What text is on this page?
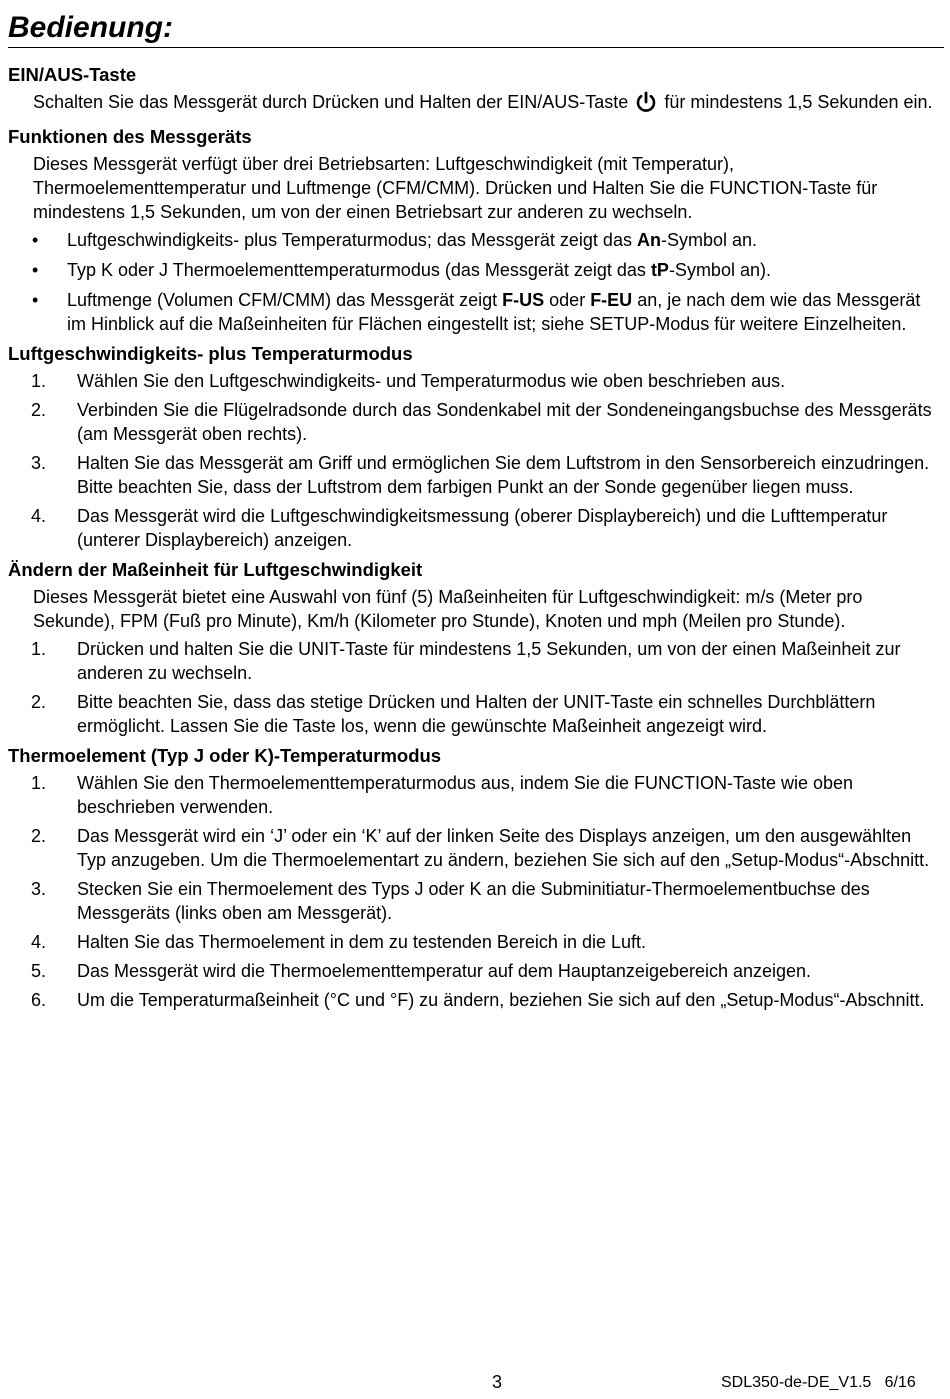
Bedienung:
EIN/AUS-Taste

Schalten Sie das Messgerät durch Drücken und Halten der EIN/AUS-Taste für mindestens 1,5 Sekunden ein.

Funktionen des Messgeräts

Dieses Messgerät verfügt über drei Betriebsarten: Luftgeschwindigkeit (mit Temperatur), Thermoelementtemperatur und Luftmenge (CFM/CMM). Drücken und Halten Sie die FUNCTION-Taste für mindestens 1,5 Sekunden, um von der einen Betriebsart zur anderen zu wechseln.

• Luftgeschwindigkeits- plus Temperaturmodus; das Messgerät zeigt das An-Symbol an.
• Typ K oder J Thermoelementtemperaturmodus (das Messgerät zeigt das tP-Symbol an).
• Luftmenge (Volumen CFM/CMM) das Messgerät zeigt F-US oder F-EU an, je nach dem wie das Messgerät im Hinblick auf die Maßeinheiten für Flächen eingestellt ist; siehe SETUP-Modus für weitere Einzelheiten.
Luftgeschwindigkeits- plus Temperaturmodus
1. Wählen Sie den Luftgeschwindigkeits- und Temperaturmodus wie oben beschrieben aus.
2. Verbinden Sie die Flügelradsonde durch das Sondenkabel mit der Sondeneingangsbuchse des Messgeräts (am Messgerät oben rechts).
3. Halten Sie das Messgerät am Griff und ermöglichen Sie dem Luftstrom in den Sensorbereich einzudringen. Bitte beachten Sie, dass der Luftstrom dem farbigen Punkt an der Sonde gegenüber liegen muss.
4. Das Messgerät wird die Luftgeschwindigkeitsmessung (oberer Displaybereich) und die Lufttemperatur (unterer Displaybereich) anzeigen.
Ändern der Maßeinheit für Luftgeschwindigkeit

Dieses Messgerät bietet eine Auswahl von fünf (5) Maßeinheiten für Luftgeschwindigkeit: m/s (Meter pro Sekunde), FPM (Fuß pro Minute), Km/h (Kilometer pro Stunde), Knoten und mph (Meilen pro Stunde).

1. Drücken und halten Sie die UNIT-Taste für mindestens 1,5 Sekunden, um von der einen Maßeinheit zur anderen zu wechseln.
2. Bitte beachten Sie, dass das stetige Drücken und Halten der UNIT-Taste ein schnelles Durchblättern ermöglicht. Lassen Sie die Taste los, wenn die gewünschte Maßeinheit angezeigt wird.
Thermoelement (Typ J oder K)-Temperaturmodus
1. Wählen Sie den Thermoelementtemperaturmodus aus, indem Sie die FUNCTION-Taste wie oben beschrieben verwenden.
2. Das Messgerät wird ein ‘J’ oder ein ‘K’ auf der linken Seite des Displays anzeigen, um den ausgewählten Typ anzugeben. Um die Thermoelementart zu ändern, beziehen Sie sich auf den „Setup-Modus“-Abschnitt.
3. Stecken Sie ein Thermoelement des Typs J oder K an die Subminitiatur-Thermoelementbuchse des Messgeräts (links oben am Messgerät).
4. Halten Sie das Thermoelement in dem zu testenden Bereich in die Luft.
5. Das Messgerät wird die Thermoelementtemperatur auf dem Hauptanzeigebereich anzeigen.
6. Um die Temperaturmaßeinheit (°C und °F) zu ändern, beziehen Sie sich auf den „Setup-Modus“-Abschnitt.
3	SDL350-de-DE_V1.5   6/16
